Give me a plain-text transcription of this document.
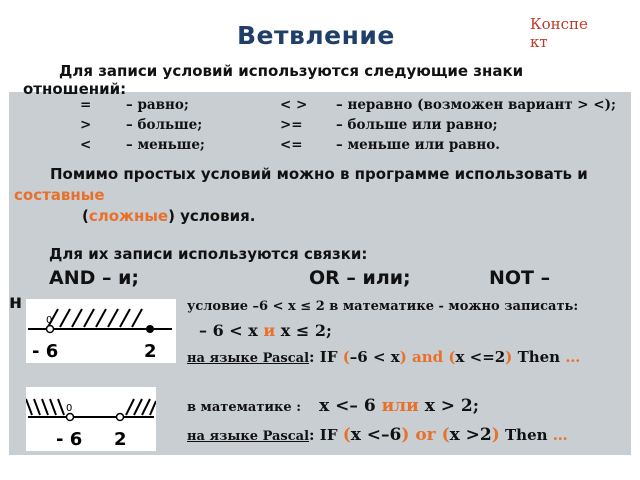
Ветвление	Конспект
Для записи условий используются следующие знаки отношений:
=	– равно;	< > – неравно (возможен вариант > <);
>	– больше;	>= – больше или равно;
<	– меньше;	<= – меньше или равно.
Помимо простых условий можно в программе использовать и составные
(сложные) условия.
Для их записи используются связки:
AND – и;	OR – или;	NOT –
н
0
- 6	2
0
- 6 2
условие –6 < x ≤ 2 в математике - можно записать:
– 6 < x и x ≤ 2;
на языке Pascal: IF (–6 < x) and (x <=2) Then …
в математике : x <– 6 или x > 2;
на языке Pascal: IF (x <–6) or (x >2) Then …
